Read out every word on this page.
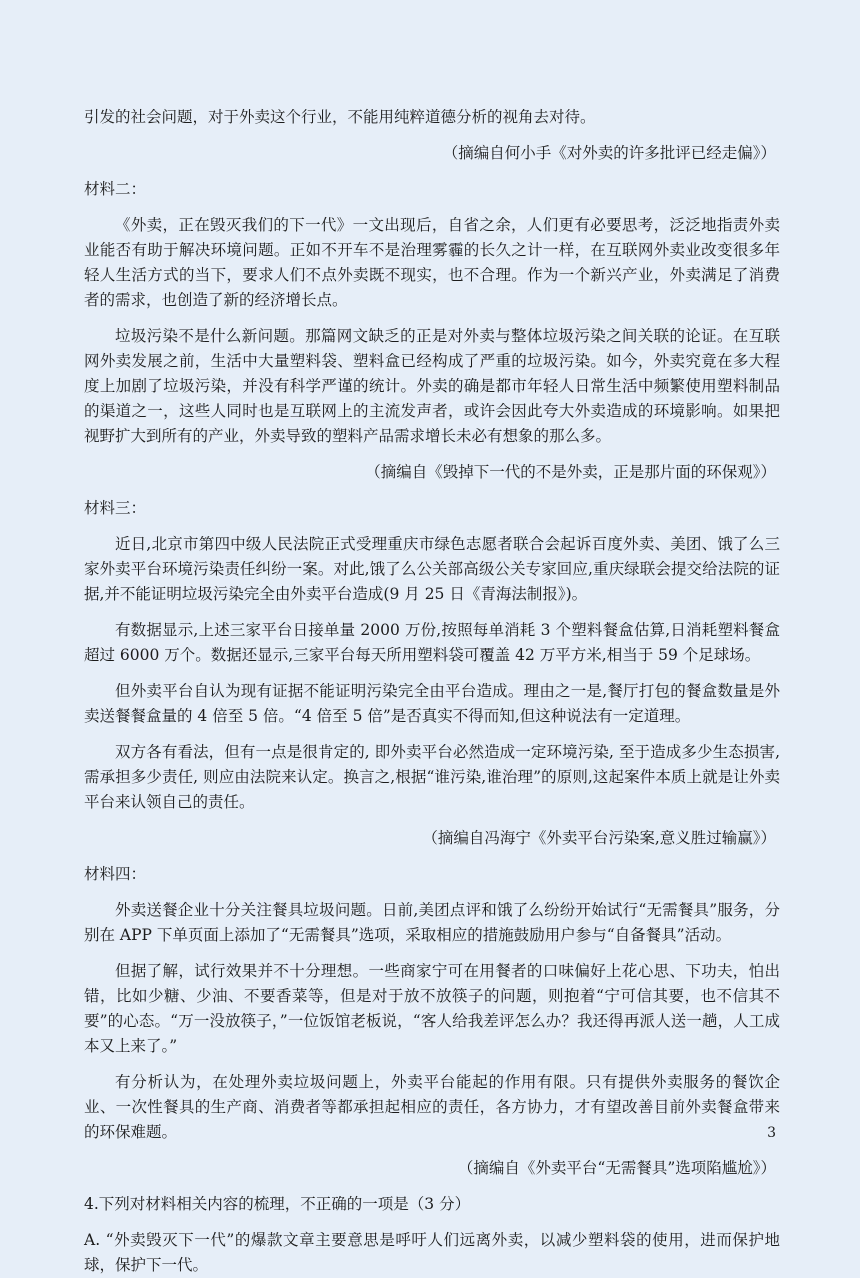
引发的社会问题，对于外卖这个行业，不能用纯粹道德分析的视角去对待。

（摘编自何小手《对外卖的许多批评已经走偏》）

材料二：

《外卖，正在毁灭我们的下一代》一文出现后，自省之余，人们更有必要思考，泛泛地指责外卖业能否有助于解决环境问题。正如不开车不是治理雾霾的长久之计一样，在互联网外卖业改变很多年轻人生活方式的当下，要求人们不点外卖既不现实，也不合理。作为一个新兴产业，外卖满足了消费者的需求，也创造了新的经济增长点。

垃圾污染不是什么新问题。那篇网文缺乏的正是对外卖与整体垃圾污染之间关联的论证。在互联网外卖发展之前，生活中大量塑料袋、塑料盒已经构成了严重的垃圾污染。如今，外卖究竟在多大程度上加剧了垃圾污染，并没有科学严谨的统计。外卖的确是都市年轻人日常生活中频繁使用塑料制品的渠道之一，这些人同时也是互联网上的主流发声者，或许会因此夸大外卖造成的环境影响。如果把视野扩大到所有的产业，外卖导致的塑料产品需求增长未必有想象的那么多。

（摘编自《毁掉下一代的不是外卖，正是那片面的环保观》）

材料三：

近日,北京市第四中级人民法院正式受理重庆市绿色志愿者联合会起诉百度外卖、美团、饿了么三家外卖平台环境污染责任纠纷一案。对此,饿了么公关部高级公关专家回应,重庆绿联会提交给法院的证据,并不能证明垃圾污染完全由外卖平台造成(9 月 25 日《青海法制报》)。

有数据显示,上述三家平台日接单量 2000 万份,按照每单消耗 3 个塑料餐盒估算,日消耗塑料餐盒超过 6000 万个。数据还显示,三家平台每天所用塑料袋可覆盖 42 万平方米,相当于 59 个足球场。

但外卖平台自认为现有证据不能证明污染完全由平台造成。理由之一是,餐厅打包的餐盒数量是外卖送餐餐盒量的 4 倍至 5 倍。“4 倍至 5 倍”是否真实不得而知,但这种说法有一定道理。

双方各有看法，但有一点是很肯定的, 即外卖平台必然造成一定环境污染, 至于造成多少生态损害,需承担多少责任, 则应由法院来认定。换言之,根据“谁污染,谁治理”的原则,这起案件本质上就是让外卖平台来认领自己的责任。

（摘编自冯海宁《外卖平台污染案,意义胜过输赢》）

材料四：

外卖送餐企业十分关注餐具垃圾问题。日前,美团点评和饿了么纷纷开始试行“无需餐具”服务，分别在 APP 下单页面上添加了“无需餐具”选项，采取相应的措施鼓励用户参与“自备餐具”活动。

但据了解，试行效果并不十分理想。一些商家宁可在用餐者的口味偏好上花心思、下功夫，怕出错，比如少糖、少油、不要香菜等，但是对于放不放筷子的问题，则抱着“宁可信其要，也不信其不要”的心态。“万一没放筷子，”一位饭馆老板说，“客人给我差评怎么办？我还得再派人送一趟，人工成本又上来了。”

有分析认为，在处理外卖垃圾问题上，外卖平台能起的作用有限。只有提供外卖服务的餐饮企业、一次性餐具的生产商、消费者等都承担起相应的责任，各方协力，才有望改善目前外卖餐盒带来的环保难题。

（摘编自《外卖平台“无需餐具”选项陷尴尬》）

4.下列对材料相关内容的梳理，不正确的一项是（3 分）

A. “外卖毁灭下一代”的爆款文章主要意思是呼吁人们远离外卖，以减少塑料袋的使用，进而保护地球，保护下一代。

3
